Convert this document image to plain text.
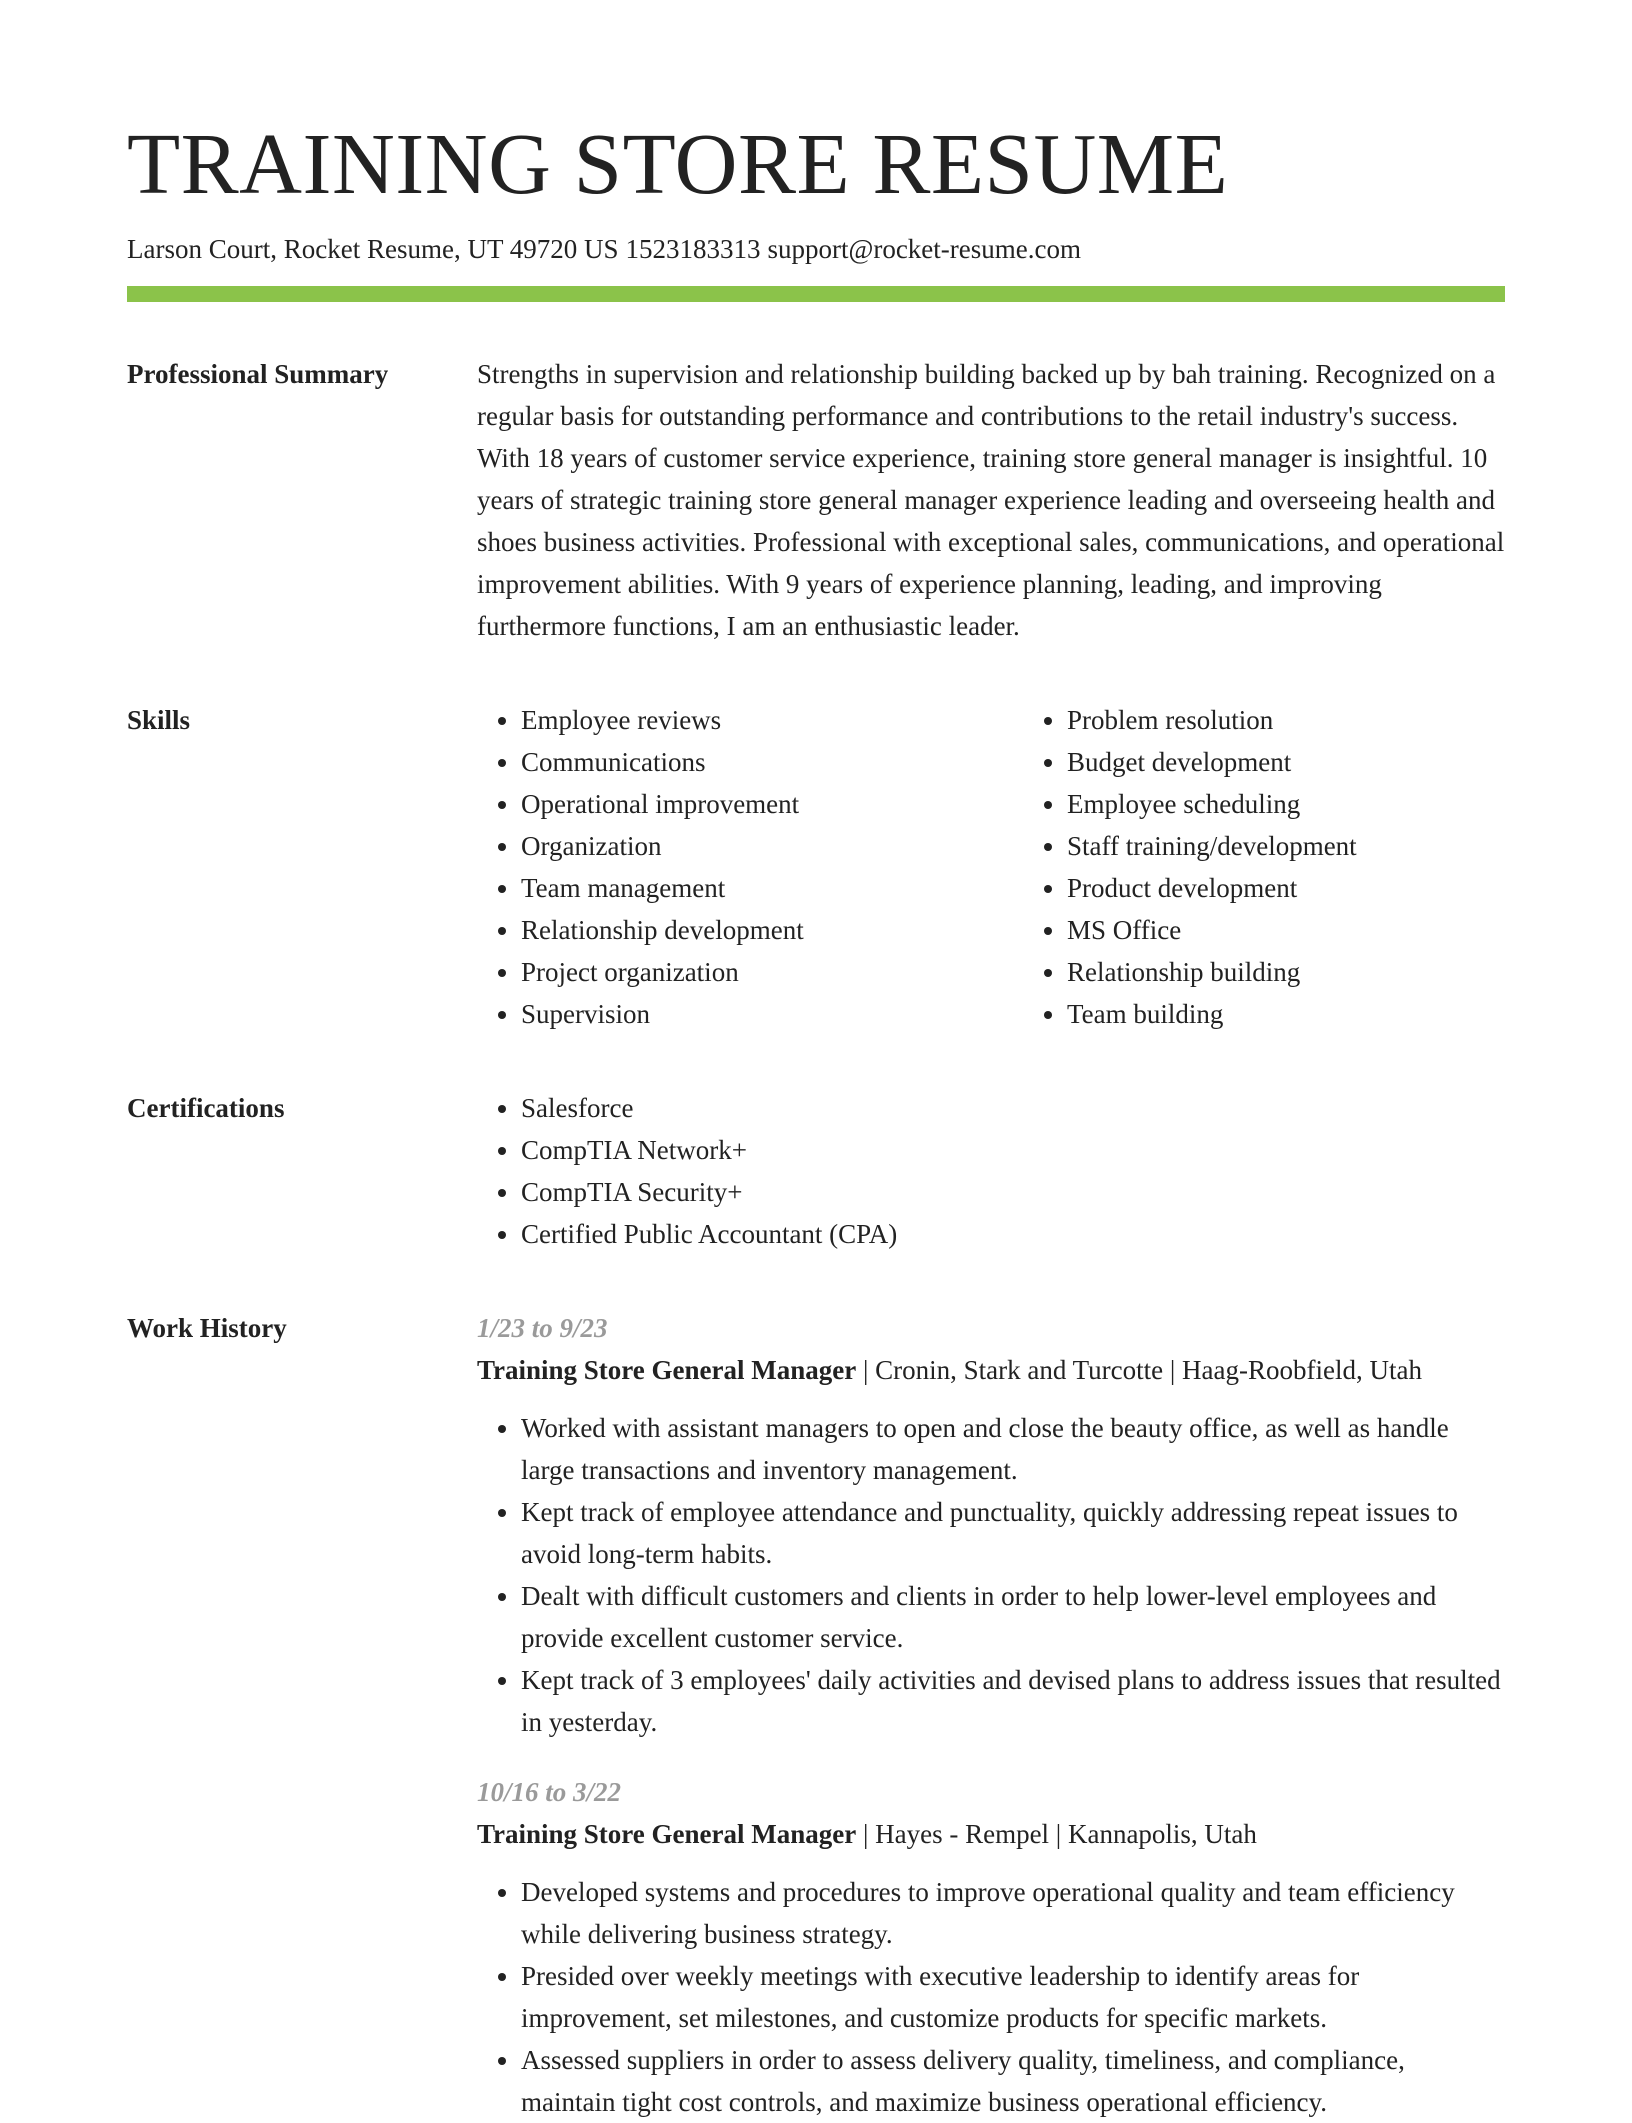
TRAINING STORE RESUME
Larson Court, Rocket Resume, UT 49720 US 1523183313 support@rocket-resume.com
Professional Summary	Strengths in supervision and relationship building backed up by bah training. Recognized on a regular basis for outstanding performance and contributions to the retail industry's success. With 18 years of customer service experience, training store general manager is insightful. 10 years of strategic training store general manager experience leading and overseeing health and shoes business activities. Professional with exceptional sales, communications, and operational improvement abilities. With 9 years of experience planning, leading, and improving furthermore functions, I am an enthusiastic leader.

Skills	• Employee reviews
• Communications
• Operational improvement
• Organization
• Team management
• Relationship development
• Project organization
• Supervision
• Problem resolution
• Budget development
• Employee scheduling
• Staff training/development
• Product development
• MS Office
• Relationship building
• Team building
Certifications	• Salesforce
• CompTIA Network+
• CompTIA Security+
• Certified Public Accountant (CPA)
Work History	1/23 to 9/23
Training Store General Manager | Cronin, Stark and Turcotte | Haag-Roobfield, Utah
• Worked with assistant managers to open and close the beauty office, as well as handle large transactions and inventory management.
• Kept track of employee attendance and punctuality, quickly addressing repeat issues to avoid long-term habits.
• Dealt with difficult customers and clients in order to help lower-level employees and provide excellent customer service.
• Kept track of 3 employees' daily activities and devised plans to address issues that resulted in yesterday.
10/16 to 3/22
Training Store General Manager | Hayes - Rempel | Kannapolis, Utah
• Developed systems and procedures to improve operational quality and team efficiency while delivering business strategy.
• Presided over weekly meetings with executive leadership to identify areas for improvement, set milestones, and customize products for specific markets.
• Assessed suppliers in order to assess delivery quality, timeliness, and compliance, maintain tight cost controls, and maximize business operational efficiency.
